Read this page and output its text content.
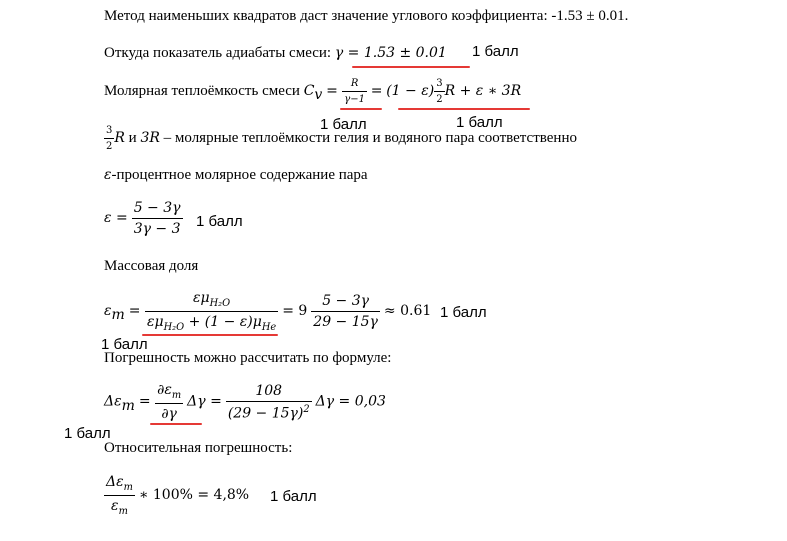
Метод наименьших квадратов даст значение углового коэффициента: -1.53 ± 0.01.
Откуда показатель адиабаты смеси: γ = 1.53 ± 0.01 1 балл
Молярная теплоёмкость смеси $C_v = \frac{R}{\gamma-1} = (1 - \varepsilon) \frac{3}{2}$ R + ε ∗ 3R
1 балл	1 балл
$\frac{3}{2}$ R и 3R – молярные теплоёмкости гелия и водяного пара соответственно
ε-процентное молярное содержание пара
$\varepsilon = \frac{5 - 3\gamma}{3\gamma - 3} 1$ балл
Массовая доля
$\varepsilon_m = \frac{\varepsilon\mu_{H_2O}}{\varepsilon\mu_{H_2O} + (1 - \varepsilon)\mu_{He}} = 9 \frac{5 - 3\gamma}{29 - 15\gamma} \approx 0.61$ 1 балл
1 балл
Погрешность можно рассчитать по формуле:
$\Delta\varepsilon_m = \frac{\partial\varepsilon_m}{\partial\gamma}$ $\Delta\gamma = \frac{108}{(29 - 15\gamma)^2}$ Δγ = 0,03
1 балл
Относительная погрешность:
$\frac{\Delta\varepsilon_m}{\varepsilon_m}$ ∗ 100% = 4,8% 1 балл
